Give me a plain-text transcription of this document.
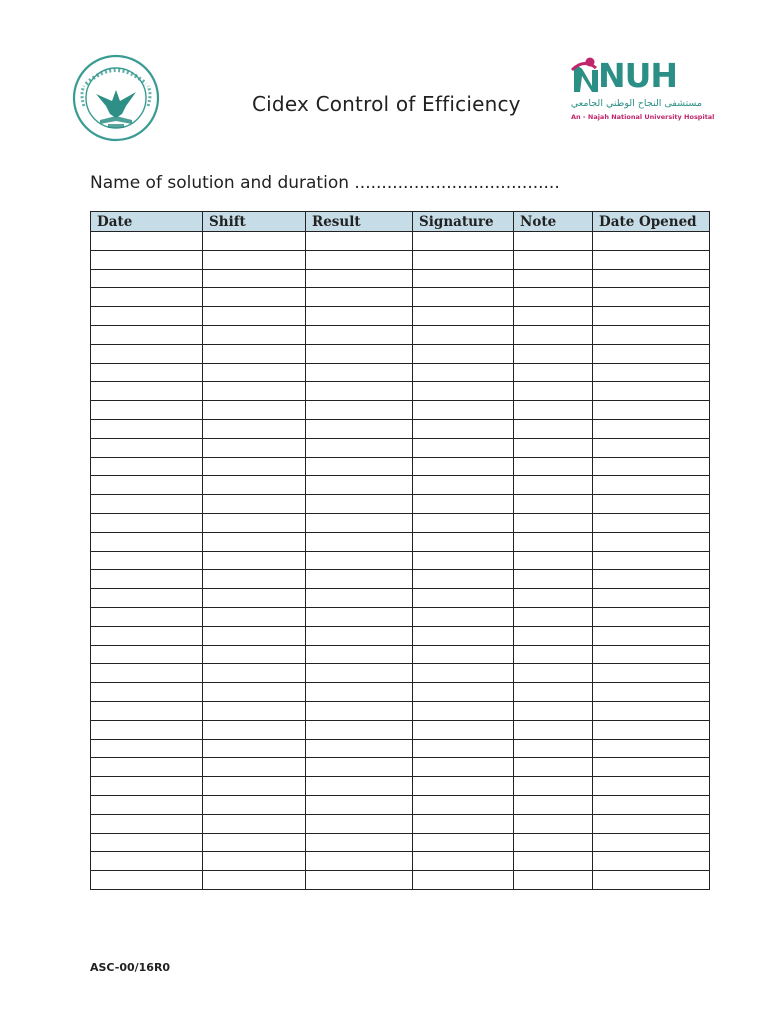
Cidex Control of Efficiency
NUH
مستشفى النجاح الوطني الجامعي
An - Najah National University Hospital
Name of solution and duration ......................................
Date	Shift	Result	Signature	Note	Date Opened

ASC-00/16R0
